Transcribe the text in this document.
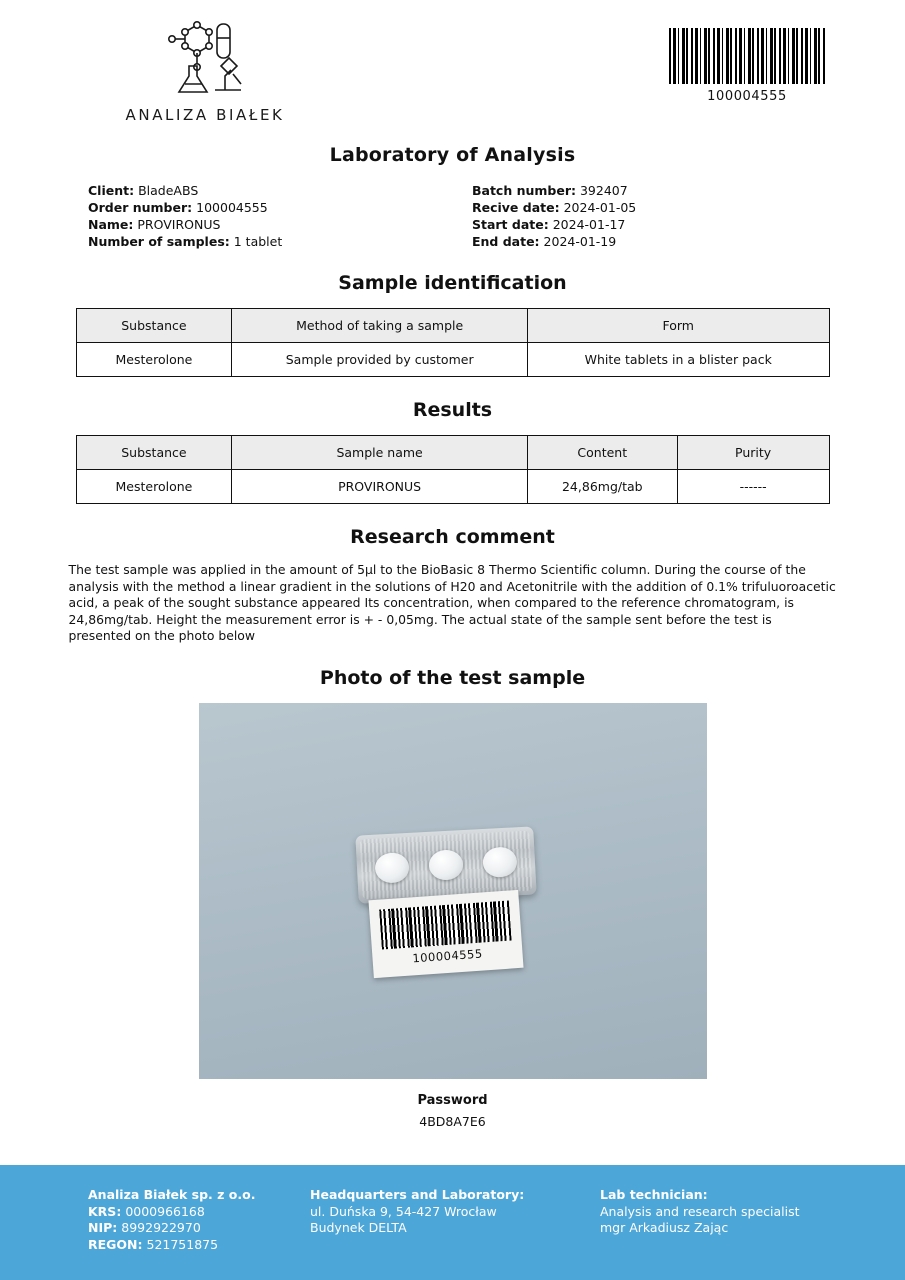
ANALIZA BIAŁEK
100004555
Laboratory of Analysis
Client: BladeABS
Order number: 100004555
Name: PROVIRONUS
Number of samples: 1 tablet

Batch number: 392407
Recive date: 2024-01-05
Start date: 2024-01-17
End date: 2024-01-19
Sample identification
Substance	Method of taking a sample	Form
Mesterolone	Sample provided by customer	White tablets in a blister pack
Results
Substance	Sample name	Content	Purity
Mesterolone	PROVIRONUS	24,86mg/tab	------
Research comment
The test sample was applied in the amount of 5µl to the BioBasic 8 Thermo Scientific column. During the course of the analysis with the method a linear gradient in the solutions of H20 and Acetonitrile with the addition of 0.1% trifuluoroacetic acid, a peak of the sought substance appeared Its concentration, when compared to the reference chromatogram, is 24,86mg/tab. Height the measurement error is + - 0,05mg. The actual state of the sample sent before the test is presented on the photo below
Photo of the test sample
100004555
Password
4BD8A7E6
Analiza Białek sp. z o.o.
KRS: 0000966168
NIP: 8992922970
REGON: 521751875
Headquarters and Laboratory:
ul. Duńska 9, 54-427 Wrocław
Budynek DELTA
Lab technician:
Analysis and research specialist
mgr Arkadiusz Zając
